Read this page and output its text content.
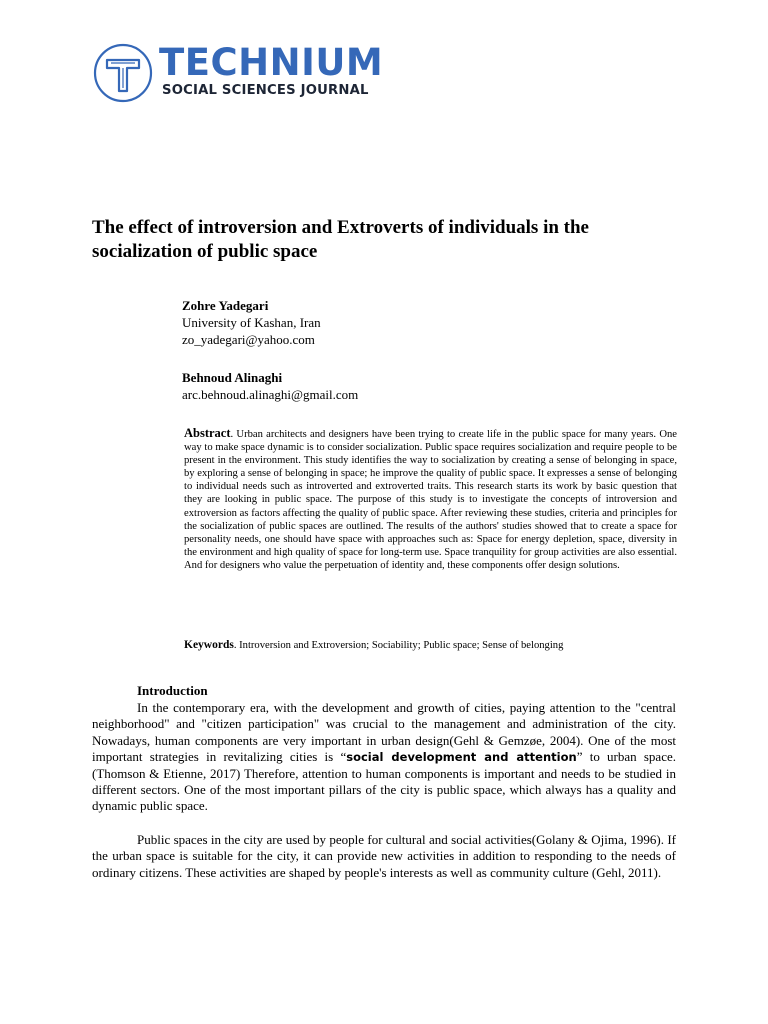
TECHNIUM
SOCIAL SCIENCES JOURNAL
The effect of introversion and Extroverts of individuals in the socialization of public space
Zohre Yadegari
University of Kashan, Iran
zo_yadegari@yahoo.com
Behnoud Alinaghi
arc.behnoud.alinaghi@gmail.com

Abstract. Urban architects and designers have been trying to create life in the public space for many years. One way to make space dynamic is to consider socialization. Public space requires socialization and require people to be present in the environment. This study identifies the way to socialization by creating a sense of belonging in space, by exploring a sense of belonging in space; he improve the quality of public space. It expresses a sense of belonging to individual needs such as introverted and extroverted traits. This research starts its work by basic question that they are looking in public space. The purpose of this study is to investigate the concepts of introversion and extroversion as factors affecting the quality of public space. After reviewing these studies, criteria and principles for the socialization of public spaces are outlined. The results of the authors' studies showed that to create a space for personality needs, one should have space with approaches such as: Space for energy depletion, space, diversity in the environment and high quality of space for long-term use. Space tranquility for group activities are also essential. And for designers who value the perpetuation of identity and, these components offer design solutions.

Keywords. Introversion and Extroversion; Sociability; Public space; Sense of belonging

Introduction

In the contemporary era, with the development and growth of cities, paying attention to the "central neighborhood" and "citizen participation" was crucial to the management and administration of the city. Nowadays, human components are very important in urban design(Gehl & Gemzøe, 2004). One of the most important strategies in revitalizing cities is “social development and attention” to urban space.(Thomson & Etienne, 2017) Therefore, attention to human components is important and needs to be studied in different sectors. One of the most important pillars of the city is public space, which always has a quality and dynamic public space.

Public spaces in the city are used by people for cultural and social activities(Golany & Ojima, 1996). If the urban space is suitable for the city, it can provide new activities in addition to responding to the needs of ordinary citizens. These activities are shaped by people's interests as well as community culture (Gehl, 2011).
